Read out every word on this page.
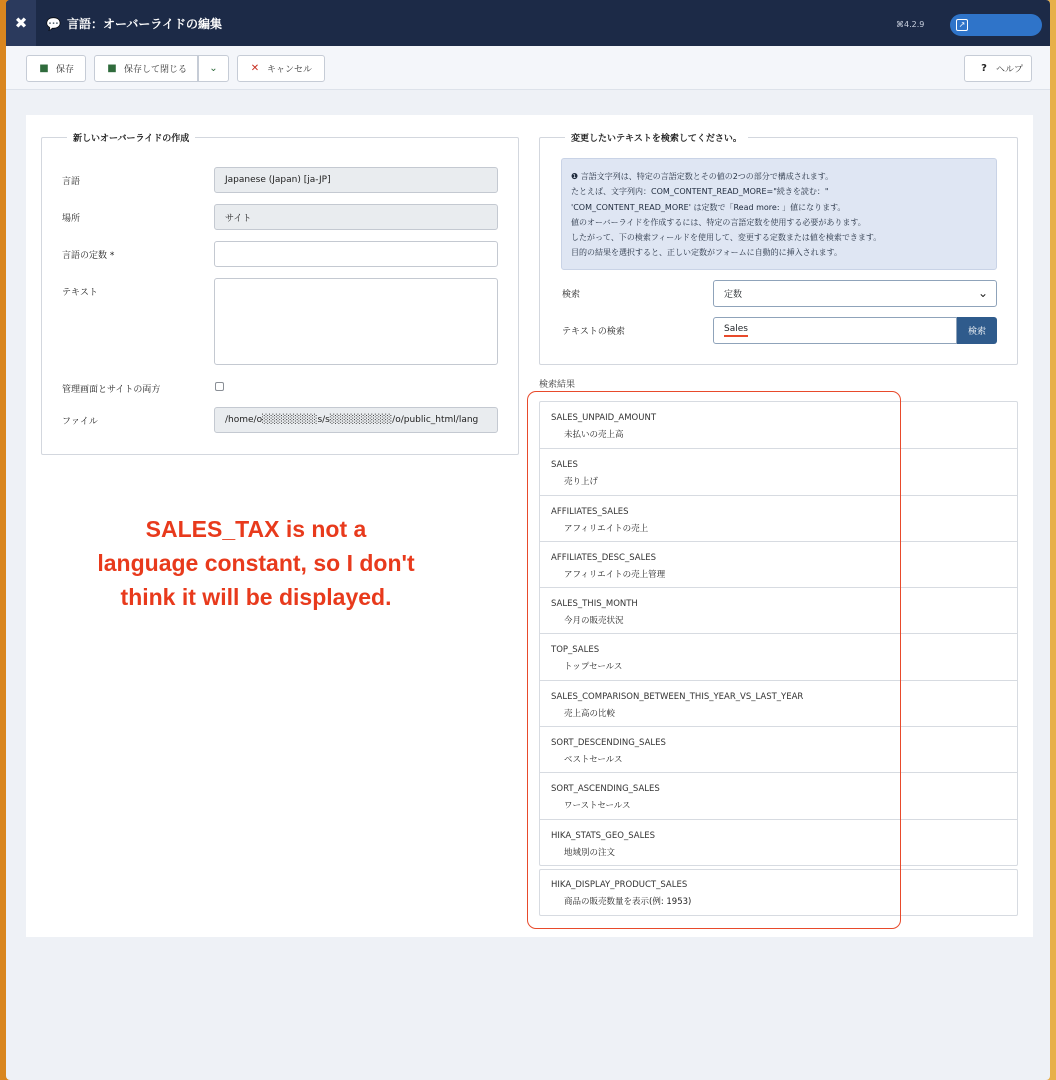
✖	💬 言語：オーバーライドの編集	⌘4.2.9	↗
■ 保存	■ 保存して閉じる ⌄	✕ キャンセル	?	ヘルプ
新しいオーバーライドの作成
言語	Japanese (Japan) [ja-JP]
場所	サイト
言語の定数 *
テキスト
管理画面とサイトの両方
ファイル	/home/o░░░░░░░░s/s░░░░░░░░░/o/public_html/lang
変更したいテキストを検索してください。

❶ 言語文字列は、特定の言語定数とその値の2つの部分で構成されます。

たとえば、文字列内：COM_CONTENT_READ_MORE="続きを読む："

'COM_CONTENT_READ_MORE' は定数で「Read more: 」値になります。

値のオーバーライドを作成するには、特定の言語定数を使用する必要があります。

したがって、下の検索フィールドを使用して、変更する定数または値を検索できます。

目的の結果を選択すると、正しい定数がフォームに自動的に挿入されます。

検索	定数	⌄
テキストの検索	Sales	検索
検索結果
SALES_UNPAID_AMOUNT
未払いの売上高
SALES
売り上げ
AFFILIATES_SALES
アフィリエイトの売上
AFFILIATES_DESC_SALES
アフィリエイトの売上管理
SALES_THIS_MONTH
今月の販売状況
TOP_SALES
トップセールス
SALES_COMPARISON_BETWEEN_THIS_YEAR_VS_LAST_YEAR
売上高の比較
SORT_DESCENDING_SALES
ベストセールス
SORT_ASCENDING_SALES
ワーストセールス
HIKA_STATS_GEO_SALES
地域別の注文
HIKA_DISPLAY_PRODUCT_SALES
商品の販売数量を表示(例: 1953)
SALES_TAX is not a
language constant, so I don't
think it will be displayed.
